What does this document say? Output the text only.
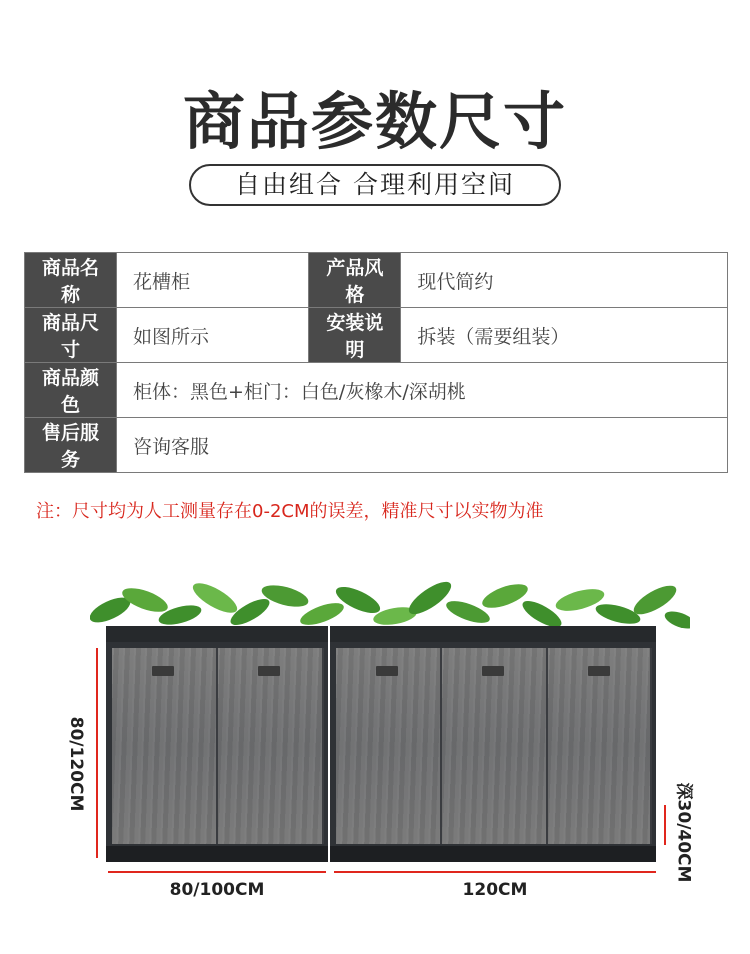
商品参数尺寸
自由组合 合理利用空间
商品名称	花槽柜	产品风格	现代简约
商品尺寸	如图所示	安装说明	拆装（需要组装）
商品颜色	柜体：黑色+柜门：白色/灰橡木/深胡桃		
售后服务	咨询客服		
注：尺寸均为人工测量存在0-2CM的误差，精准尺寸以实物为准
80/120CM
深30/40CM
80/100CM	120CM
